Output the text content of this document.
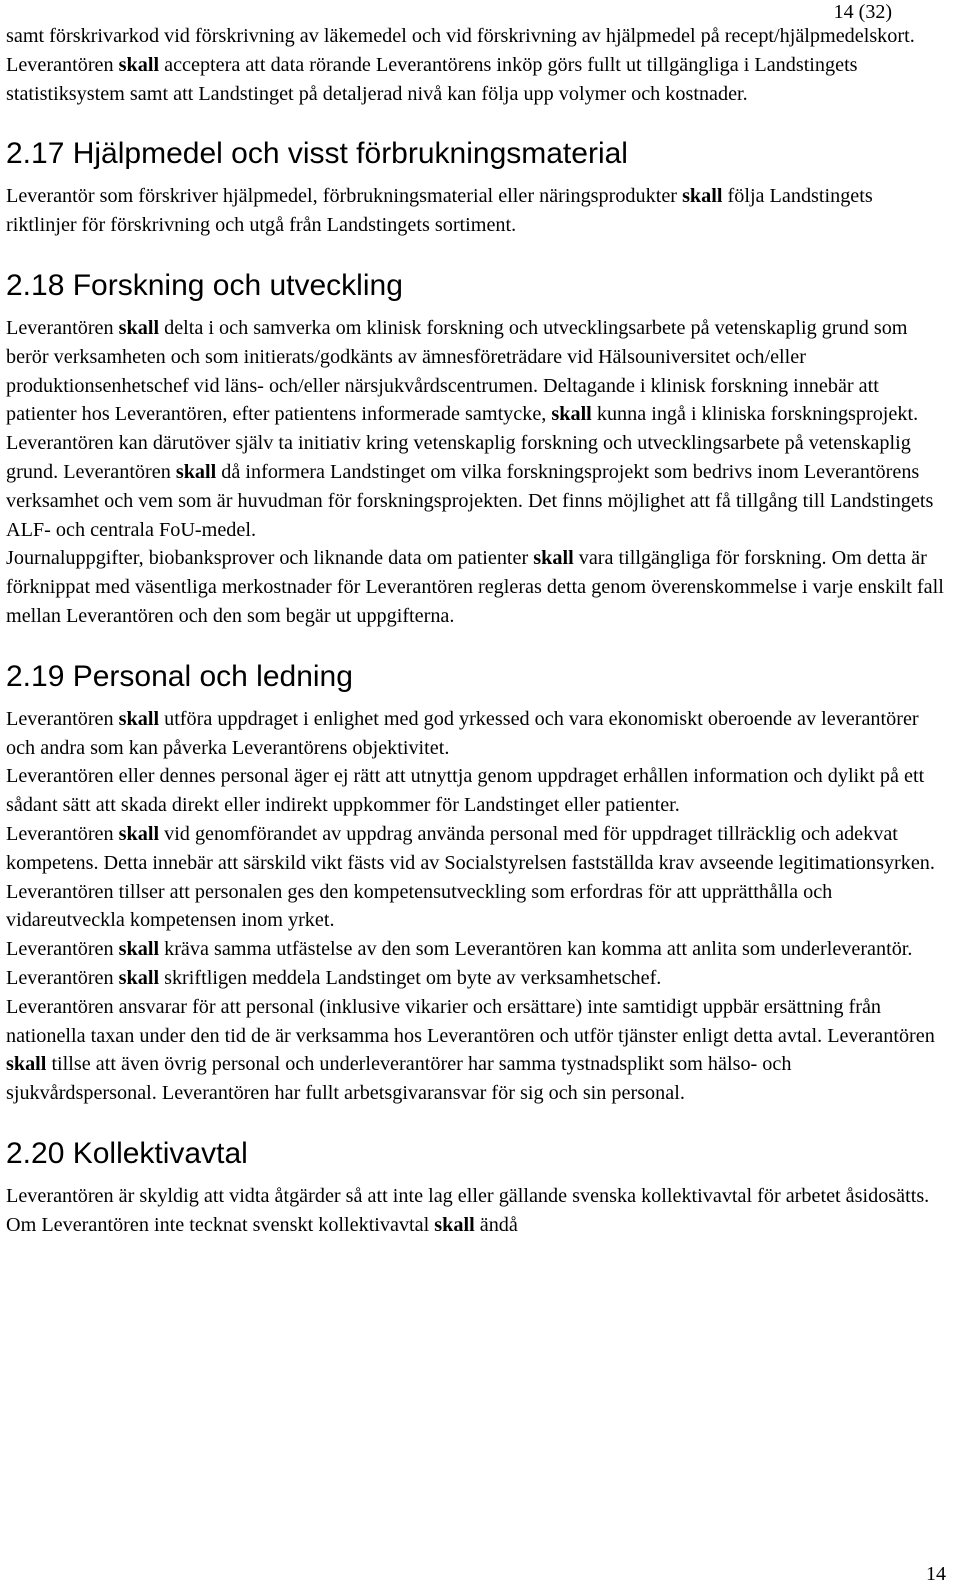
14 (32)

samt förskrivarkod vid förskrivning av läkemedel och vid förskrivning av hjälpmedel på recept/hjälpmedelskort. Leverantören skall acceptera att data rörande Leverantörens inköp görs fullt ut tillgängliga i Landstingets statistiksystem samt att Landstinget på detaljerad nivå kan följa upp volymer och kostnader.

2.17 Hjälpmedel och visst förbrukningsmaterial

Leverantör som förskriver hjälpmedel, förbrukningsmaterial eller näringsprodukter skall följa Landstingets riktlinjer för förskrivning och utgå från Landstingets sortiment.

2.18 Forskning och utveckling

Leverantören skall delta i och samverka om klinisk forskning och utvecklingsarbete på vetenskaplig grund som berör verksamheten och som initierats/godkänts av ämnesföreträdare vid Hälsouniversitet och/eller produktionsenhetschef vid läns- och/eller närsjukvårdscentrumen. Deltagande i klinisk forskning innebär att patienter hos Leverantören, efter patientens informerade samtycke, skall kunna ingå i kliniska forskningsprojekt.

Leverantören kan därutöver själv ta initiativ kring vetenskaplig forskning och utvecklingsarbete på vetenskaplig grund. Leverantören skall då informera Landstinget om vilka forskningsprojekt som bedrivs inom Leverantörens verksamhet och vem som är huvudman för forskningsprojekten. Det finns möjlighet att få tillgång till Landstingets ALF- och centrala FoU-medel.

Journaluppgifter, biobanksprover och liknande data om patienter skall vara tillgängliga för forskning. Om detta är förknippat med väsentliga merkostnader för Leverantören regleras detta genom överenskommelse i varje enskilt fall mellan Leverantören och den som begär ut uppgifterna.

2.19 Personal och ledning

Leverantören skall utföra uppdraget i enlighet med god yrkessed och vara ekonomiskt oberoende av leverantörer och andra som kan påverka Leverantörens objektivitet.

Leverantören eller dennes personal äger ej rätt att utnyttja genom uppdraget erhållen information och dylikt på ett sådant sätt att skada direkt eller indirekt uppkommer för Landstinget eller patienter.

Leverantören skall vid genomförandet av uppdrag använda personal med för uppdraget tillräcklig och adekvat kompetens. Detta innebär att särskild vikt fästs vid av Socialstyrelsen fastställda krav avseende legitimationsyrken. Leverantören tillser att personalen ges den kompetensutveckling som erfordras för att upprätthålla och vidareutveckla kompetensen inom yrket.

Leverantören skall kräva samma utfästelse av den som Leverantören kan komma att anlita som underleverantör.

Leverantören skall skriftligen meddela Landstinget om byte av verksamhetschef.

Leverantören ansvarar för att personal (inklusive vikarier och ersättare) inte samtidigt uppbär ersättning från nationella taxan under den tid de är verksamma hos Leverantören och utför tjänster enligt detta avtal. Leverantören skall tillse att även övrig personal och underleverantörer har samma tystnadsplikt som hälso- och sjukvårdspersonal. Leverantören har fullt arbetsgivaransvar för sig och sin personal.

2.20 Kollektivavtal

Leverantören är skyldig att vidta åtgärder så att inte lag eller gällande svenska kollektivavtal för arbetet åsidosätts. Om Leverantören inte tecknat svenskt kollektivavtal skall ändå

14
